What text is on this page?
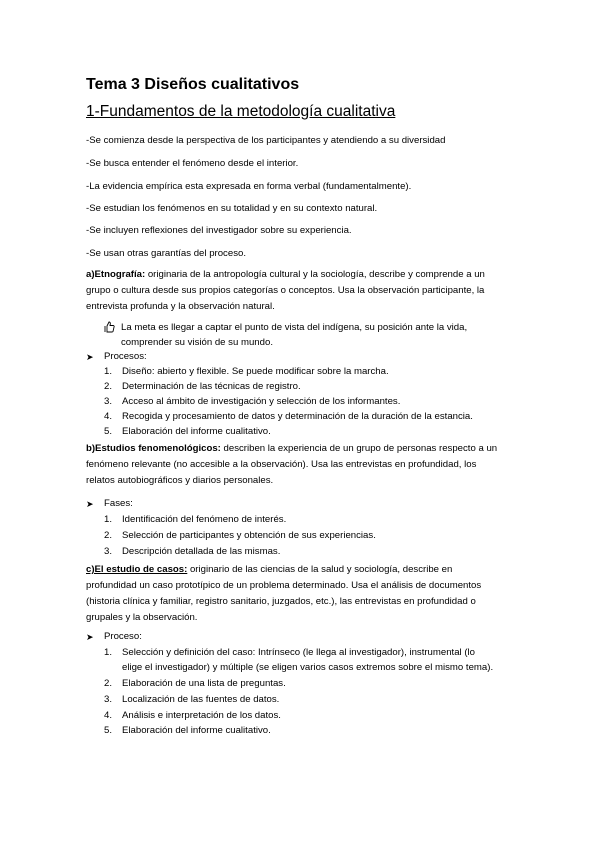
Tema 3 Diseños cualitativos
1-Fundamentos de la metodología cualitativa
-Se comienza desde la perspectiva de los participantes y atendiendo a su diversidad
-Se busca entender el fenómeno desde el interior.
-La evidencia empírica esta expresada en forma verbal (fundamentalmente).
-Se estudian los fenómenos en su totalidad y en su contexto natural.
-Se incluyen reflexiones del investigador sobre su experiencia.
-Se usan otras garantías del proceso.
a)Etnografía: originaria de la antropología cultural y la sociología, describe y comprende a un
grupo o cultura desde sus propios categorías o conceptos. Usa la observación participante, la
entrevista profunda y la observación natural.
La meta es llegar a captar el punto de vista del indígena, su posición ante la vida,
comprender su visión de su mundo.
➤	Procesos:
1.	Diseño: abierto y flexible. Se puede modificar sobre la marcha.
2.	Determinación de las técnicas de registro.
3.	Acceso al ámbito de investigación y selección de los informantes.
4.	Recogida y procesamiento de datos y determinación de la duración de la estancia.
5.	Elaboración del informe cualitativo.
b)Estudios fenomenológicos: describen la experiencia de un grupo de personas respecto a un
fenómeno relevante (no accesible a la observación). Usa las entrevistas en profundidad, los
relatos autobiográficos y diarios personales.
➤	Fases:
1.	Identificación del fenómeno de interés.
2.	Selección de participantes y obtención de sus experiencias.
3.	Descripción detallada de las mismas.
c)El estudio de casos: originario de las ciencias de la salud y sociología, describe en
profundidad un caso prototípico de un problema determinado. Usa el análisis de documentos
(historia clínica y familiar, registro sanitario, juzgados, etc.), las entrevistas en profundidad o
grupales y la observación.
➤	Proceso:
1.	Selección y definición del caso: Intrínseco (le llega al investigador), instrumental (lo
elige el investigador) y múltiple (se eligen varios casos extremos sobre el mismo tema).
2.	Elaboración de una lista de preguntas.
3.	Localización de las fuentes de datos.
4.	Análisis e interpretación de los datos.
5.	Elaboración del informe cualitativo.
